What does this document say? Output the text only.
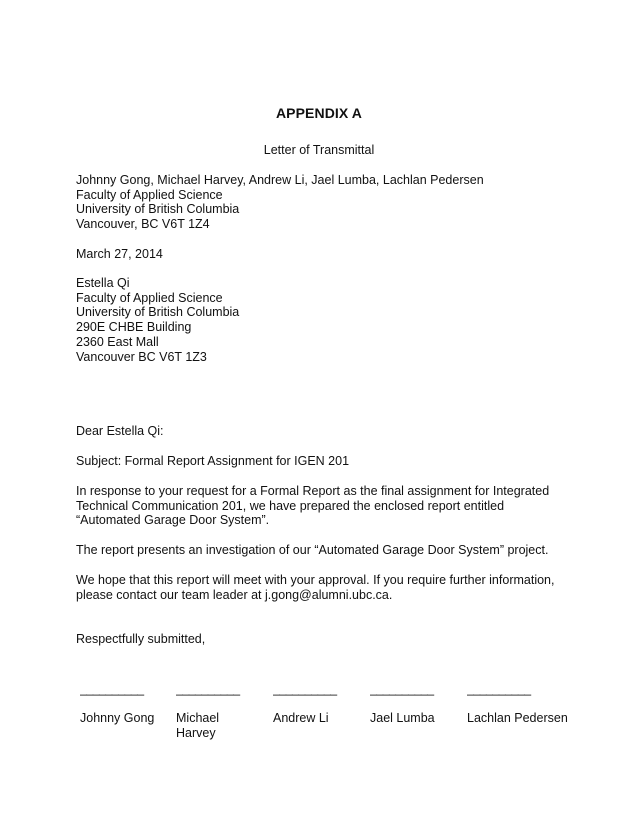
APPENDIX A
Letter of Transmittal
Johnny Gong, Michael Harvey, Andrew Li, Jael Lumba, Lachlan Pedersen
Faculty of Applied Science
University of British Columbia
Vancouver, BC V6T 1Z4
March 27, 2014
Estella Qi
Faculty of Applied Science
University of British Columbia
290E CHBE Building
2360 East Mall
Vancouver BC V6T 1Z3
Dear Estella Qi:
Subject: Formal Report Assignment for IGEN 201
In response to your request for a Formal Report as the final assignment for Integrated
Technical Communication 201, we have prepared the enclosed report entitled
“Automated Garage Door System”.
The report presents an investigation of our “Automated Garage Door System” project.
We hope that this report will meet with your approval. If you require further information,
please contact our team leader at j.gong@alumni.ubc.ca.
Respectfully submitted,
__________
Johnny Gong
__________
Michael Harvey
__________
Andrew Li
__________
Jael Lumba
__________
Lachlan Pedersen
